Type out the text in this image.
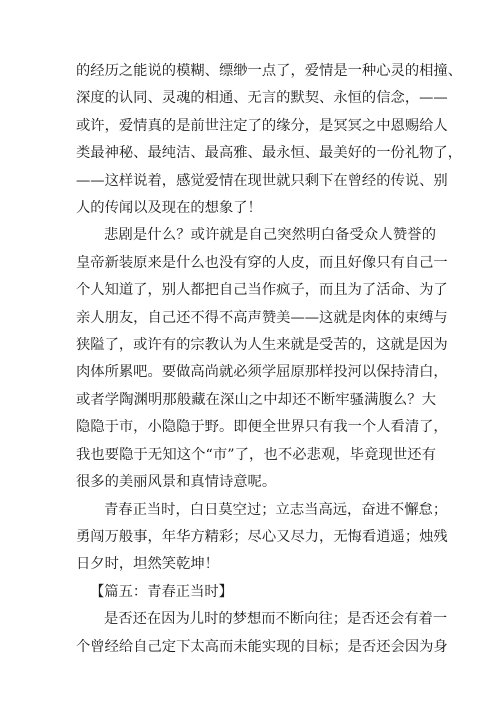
的经历之能说的模糊、缥缈一点了，爱情是一种心灵的相撞、
深度的认同、灵魂的相通、无言的默契、永恒的信念，——
或许，爱情真的是前世注定了的缘分，是冥冥之中恩赐给人
类最神秘、最纯洁、最高雅、最永恒、最美好的一份礼物了，
——这样说着，感觉爱情在现世就只剩下在曾经的传说、别
人的传闻以及现在的想象了！
悲剧是什么？或许就是自己突然明白备受众人赞誉的
皇帝新装原来是什么也没有穿的人皮，而且好像只有自己一
个人知道了，别人都把自己当作疯子，而且为了活命、为了
亲人朋友，自己还不得不高声赞美——这就是肉体的束缚与
狭隘了，或许有的宗教认为人生来就是受苦的，这就是因为
肉体所累吧。要做高尚就必须学屈原那样投河以保持清白，
或者学陶渊明那般藏在深山之中却还不断牢骚满腹么？大
隐隐于市，小隐隐于野。即便全世界只有我一个人看清了，
我也要隐于无知这个“市”了，也不必悲观，毕竟现世还有
很多的美丽风景和真情诗意呢。
青春正当时，白日莫空过；立志当高远，奋进不懈怠；
勇闯万般事，年华方精彩；尽心又尽力，无悔看逍遥；烛残
日夕时，坦然笑乾坤！
【篇五：青春正当时】
是否还在因为儿时的梦想而不断向往；是否还会有着一
个曾经给自己定下太高而未能实现的目标；是否还会因为身
